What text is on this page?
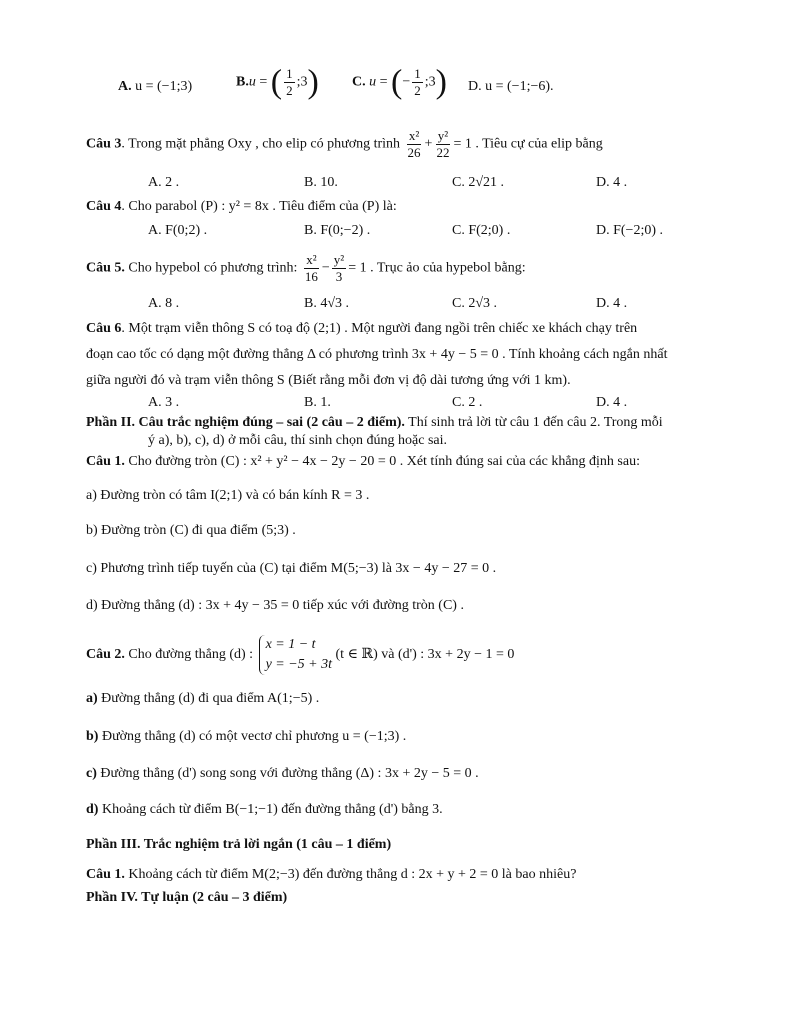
A. u = (−1;3)	B.u = ( $\frac{1}{2}$ ;3) C. u = (− $\frac{1}{2}$ ;3) D. u = (−1;−6).
Câu 3. Trong mặt phẳng Oxy , cho elip có phương trình $\frac{\text{x²}}{26} + \frac{\text{y²}}{22} = 1$ . Tiêu cự của elip bằng
A. 2 .	B. 10.	C. 2√21 .	D. 4 .
Câu 4. Cho parabol (P) : y² = 8x . Tiêu điểm của (P) là:
A. F(0;2) .	B. F(0;−2) .	C. F(2;0) .	D. F(−2;0) .
Câu 5. Cho hypebol có phương trình: $\frac{\text{x²}}{16} - \frac{\text{y²}}{3} = 1$ . Trục ảo của hypebol bằng:
A. 8 .	B. 4√3 .	C. 2√3 .	D. 4 .
Câu 6. Một trạm viễn thông S có toạ độ (2;1) . Một người đang ngồi trên chiếc xe khách chạy trên
đoạn cao tốc có dạng một đường thẳng Δ có phương trình 3x + 4y − 5 = 0 . Tính khoảng cách ngắn nhất
giữa người đó và trạm viễn thông S (Biết rằng mỗi đơn vị độ dài tương ứng với 1 km).
A. 3 .	B. 1.	C. 2 .	D. 4 .
Phần II. Câu trắc nghiệm đúng – sai (2 câu – 2 điểm). Thí sinh trả lời từ câu 1 đến câu 2. Trong mỗi
ý a), b), c), d) ở mỗi câu, thí sinh chọn đúng hoặc sai.
Câu 1. Cho đường tròn (C) : x² + y² − 4x − 2y − 20 = 0 . Xét tính đúng sai của các khẳng định sau:
a) Đường tròn có tâm I(2;1) và có bán kính R = 3 .
b) Đường tròn (C) đi qua điểm (5;3) .
c) Phương trình tiếp tuyến của (C) tại điểm M(5;−3) là 3x − 4y − 27 = 0 .
d) Đường thẳng (d) : 3x + 4y − 35 = 0 tiếp xúc với đường tròn (C) .
Câu 2. Cho đường thẳng (d) :
x = 1 − t
y = −5 + 3t
(t ∈ ℝ) và (d') : 3x + 2y − 1 = 0
a) Đường thẳng (d) đi qua điểm A(1;−5) .
b) Đường thẳng (d) có một vectơ chỉ phương u = (−1;3) .
c) Đường thẳng (d') song song với đường thẳng (Δ) : 3x + 2y − 5 = 0 .
d) Khoảng cách từ điểm B(−1;−1) đến đường thẳng (d') bằng 3.
Phần III. Trắc nghiệm trả lời ngắn (1 câu – 1 điểm)
Câu 1. Khoảng cách từ điểm M(2;−3) đến đường thẳng d : 2x + y + 2 = 0 là bao nhiêu?
Phần IV. Tự luận (2 câu – 3 điểm)
